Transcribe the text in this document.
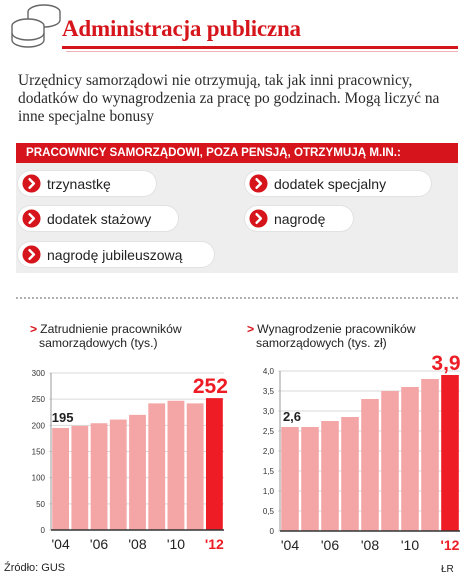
Administracja publiczna
Urzędnicy samorządowi nie otrzymują, tak jak inni pracownicy, dodatków do wynagrodzenia za pracę po godzinach. Mogą liczyć na inne specjalne bonusy
PRACOWNICY SAMORZĄDOWI, POZA PENSJĄ, OTRZYMUJĄ M.IN.:
trzynastkę	dodatek specjalny
dodatek stażowy	nagrodę
nagrodę jubileuszową
> Zatrudnienie pracowników
samorządowych (tys.)
0
50
100
150
200
250
300
'04 '06 '08 '10 '12
195
252
> Wynagrodzenie pracowników
samorządowych (tys. zł)
0
0,5
1,0
1,5
2,0
2,5
3,0
3,5
4,0
'04 '06 '08 '10 '12
2,6
3,9
Źródło: GUS	ŁR
